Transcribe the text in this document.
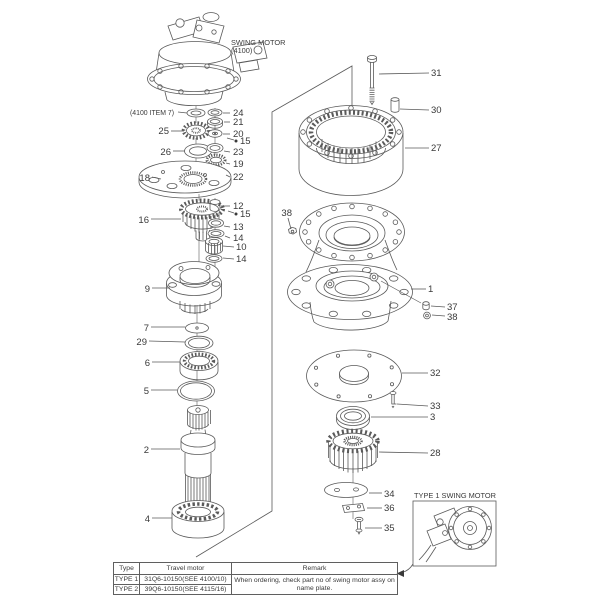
SWING MOTOR
(4100)
(4100 ITEM 7)
TYPE 1 SWING MOTOR
24
21
25	20
15
26	23
19
18	22
12
15
16
13
14
10
14
9
7
29
6
5
2
4
31
30
27
38
1
37
38
32
33
3
28
34
36
35
Type	Travel motor	Remark
TYPE 1	31Q6-10150(SEE 4100/10)	When ordering, check part no of swing motor assy on name plate.
TYPE 2	39Q6-10150(SEE 4115/16)	
